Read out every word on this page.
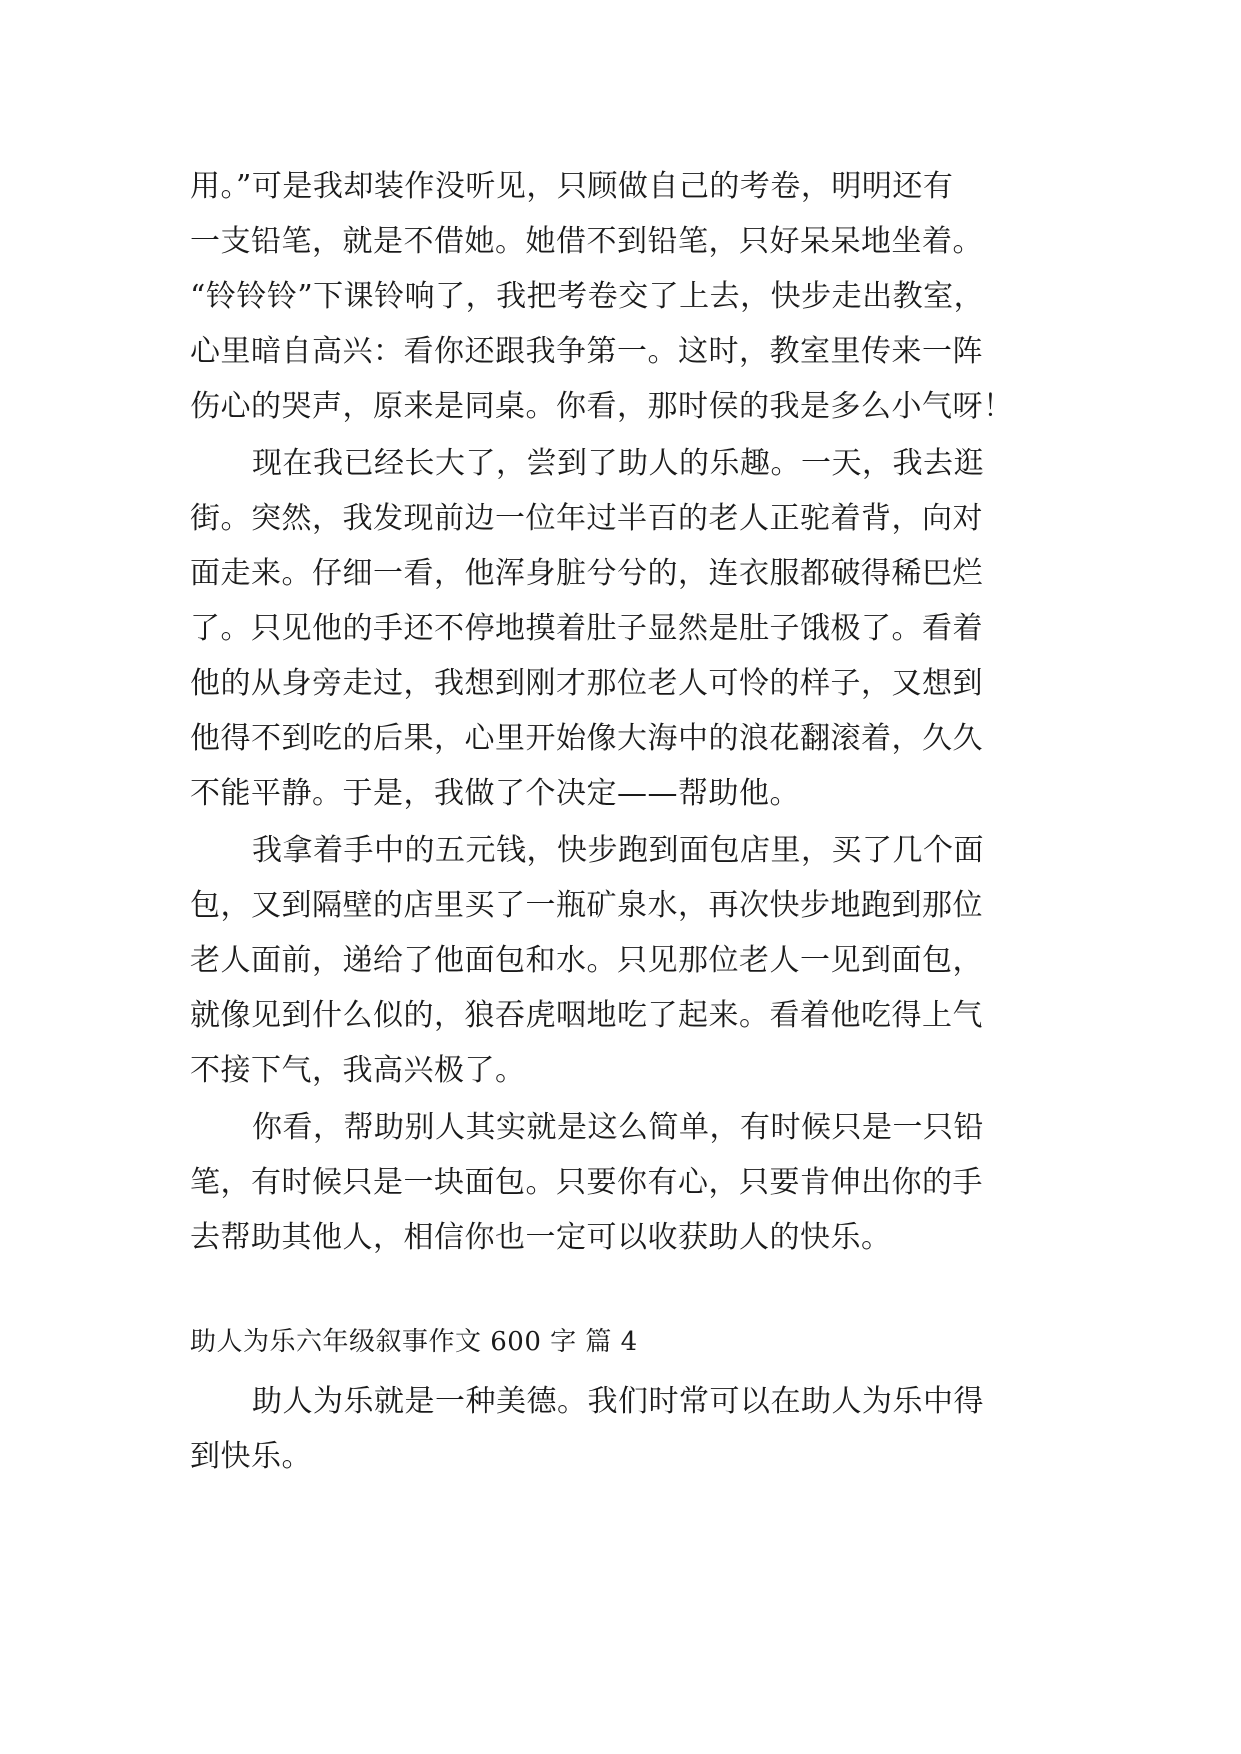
用。”可是我却装作没听见，只顾做自己的考卷，明明还有
一支铅笔，就是不借她。她借不到铅笔，只好呆呆地坐着。
“铃铃铃”下课铃响了，我把考卷交了上去，快步走出教室，
心里暗自高兴：看你还跟我争第一。这时，教室里传来一阵
伤心的哭声，原来是同桌。你看，那时侯的我是多么小气呀！
现在我已经长大了，尝到了助人的乐趣。一天，我去逛
街。突然，我发现前边一位年过半百的老人正驼着背，向对
面走来。仔细一看，他浑身脏兮兮的，连衣服都破得稀巴烂
了。只见他的手还不停地摸着肚子显然是肚子饿极了。看着
他的从身旁走过，我想到刚才那位老人可怜的样子，又想到
他得不到吃的后果，心里开始像大海中的浪花翻滚着，久久
不能平静。于是，我做了个决定——帮助他。
我拿着手中的五元钱，快步跑到面包店里，买了几个面
包，又到隔壁的店里买了一瓶矿泉水，再次快步地跑到那位
老人面前，递给了他面包和水。只见那位老人一见到面包，
就像见到什么似的，狼吞虎咽地吃了起来。看着他吃得上气
不接下气，我高兴极了。
你看，帮助别人其实就是这么简单，有时候只是一只铅
笔，有时候只是一块面包。只要你有心，只要肯伸出你的手
去帮助其他人，相信你也一定可以收获助人的快乐。
助人为乐六年级叙事作文 600 字 篇 4
助人为乐就是一种美德。我们时常可以在助人为乐中得
到快乐。
